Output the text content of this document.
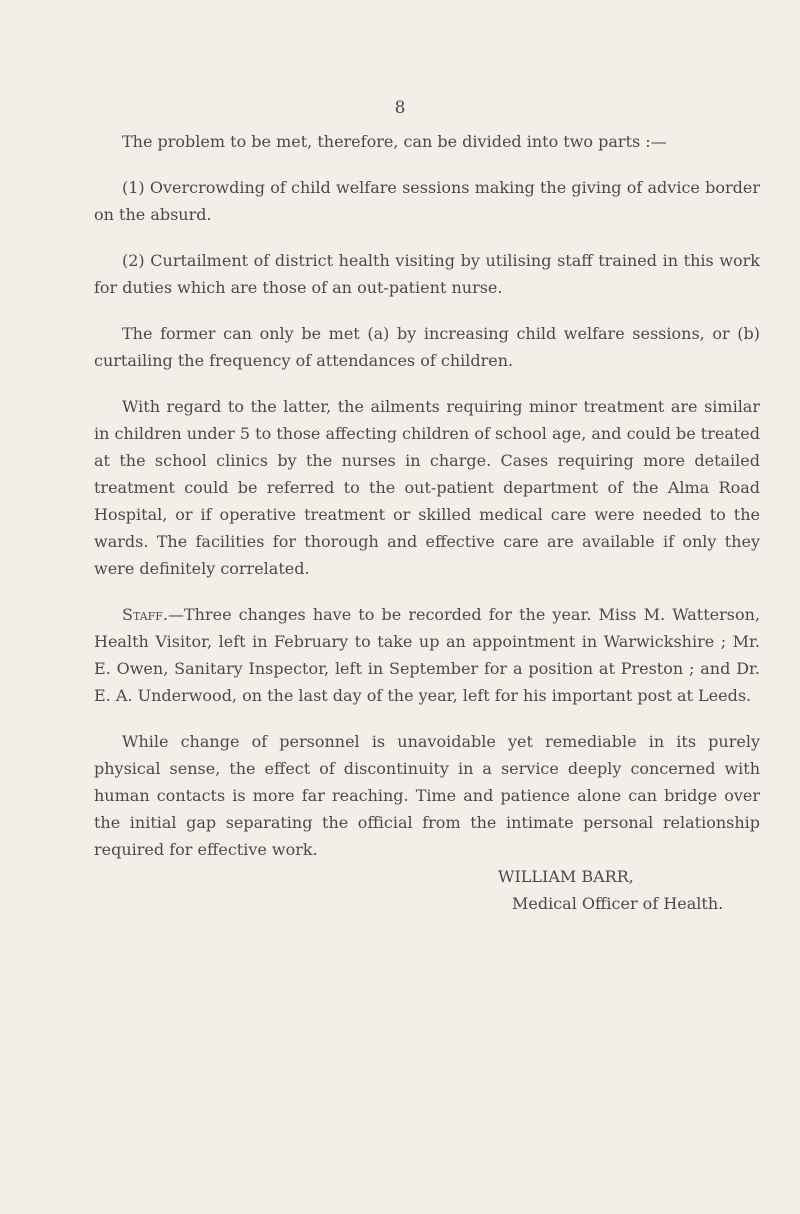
8

The problem to be met, therefore, can be divided into two parts :—

(1) Overcrowding of child welfare sessions making the giving of advice border on the absurd.

(2) Curtailment of district health visiting by utilising staff trained in this work for duties which are those of an out-patient nurse.

The former can only be met (a) by increasing child welfare sessions, or (b) curtailing the frequency of attendances of children.

With regard to the latter, the ailments requiring minor treatment are similar in children under 5 to those affecting children of school age, and could be treated at the school clinics by the nurses in charge. Cases requiring more detailed treatment could be referred to the out-patient department of the Alma Road Hospital, or if operative treatment or skilled medical care were needed to the wards. The facilities for thorough and effective care are available if only they were definitely correlated.

Staff.—Three changes have to be recorded for the year. Miss M. Watterson, Health Visitor, left in February to take up an appointment in Warwickshire ; Mr. E. Owen, Sanitary Inspector, left in September for a position at Preston ; and Dr. E. A. Underwood, on the last day of the year, left for his important post at Leeds.

While change of personnel is unavoidable yet remediable in its purely physical sense, the effect of discontinuity in a service deeply concerned with human contacts is more far reaching. Time and patience alone can bridge over the initial gap separating the official from the intimate personal relationship required for effective work.

WILLIAM BARR,
Medical Officer of Health.
